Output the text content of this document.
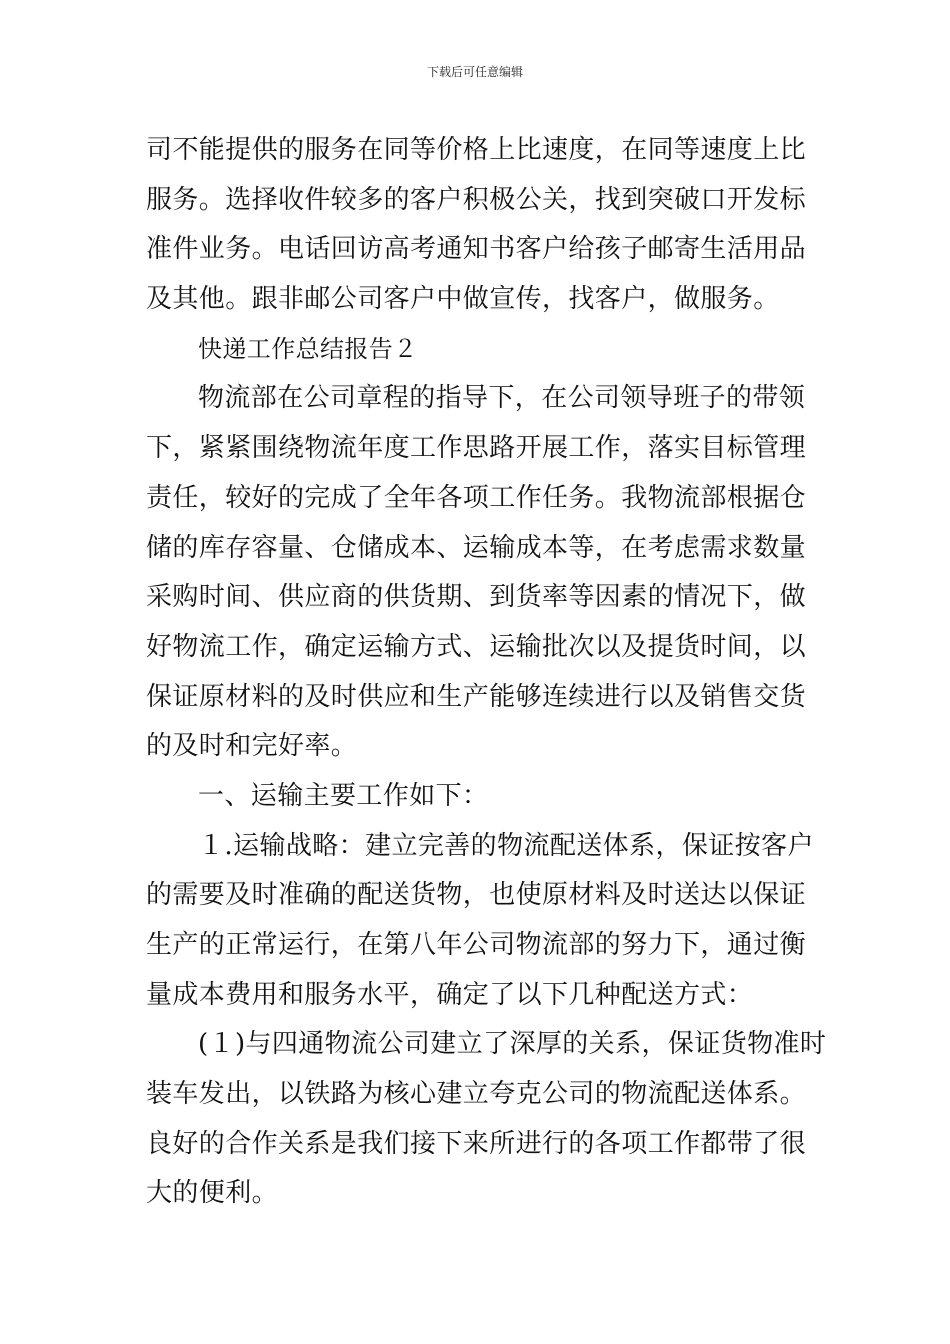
下载后可任意编辑
司不能提供的服务在同等价格上比速度，在同等速度上比
服务。选择收件较多的客户积极公关，找到突破口开发标
准件业务。电话回访高考通知书客户给孩子邮寄生活用品
及其他。跟非邮公司客户中做宣传，找客户，做服务。
快递工作总结报告２
物流部在公司章程的指导下，在公司领导班子的带领
下，紧紧围绕物流年度工作思路开展工作，落实目标管理
责任，较好的完成了全年各项工作任务。我物流部根据仓
储的库存容量、仓储成本、运输成本等，在考虑需求数量
采购时间、供应商的供货期、到货率等因素的情况下，做
好物流工作，确定运输方式、运输批次以及提货时间，以
保证原材料的及时供应和生产能够连续进行以及销售交货
的及时和完好率。
一、运输主要工作如下：
１.运输战略：建立完善的物流配送体系，保证按客户
的需要及时准确的配送货物，也使原材料及时送达以保证
生产的正常运行，在第八年公司物流部的努力下，通过衡
量成本费用和服务水平，确定了以下几种配送方式：
(１)与四通物流公司建立了深厚的关系，保证货物准时
装车发出，以铁路为核心建立夸克公司的物流配送体系。
良好的合作关系是我们接下来所进行的各项工作都带了很
大的便利。
